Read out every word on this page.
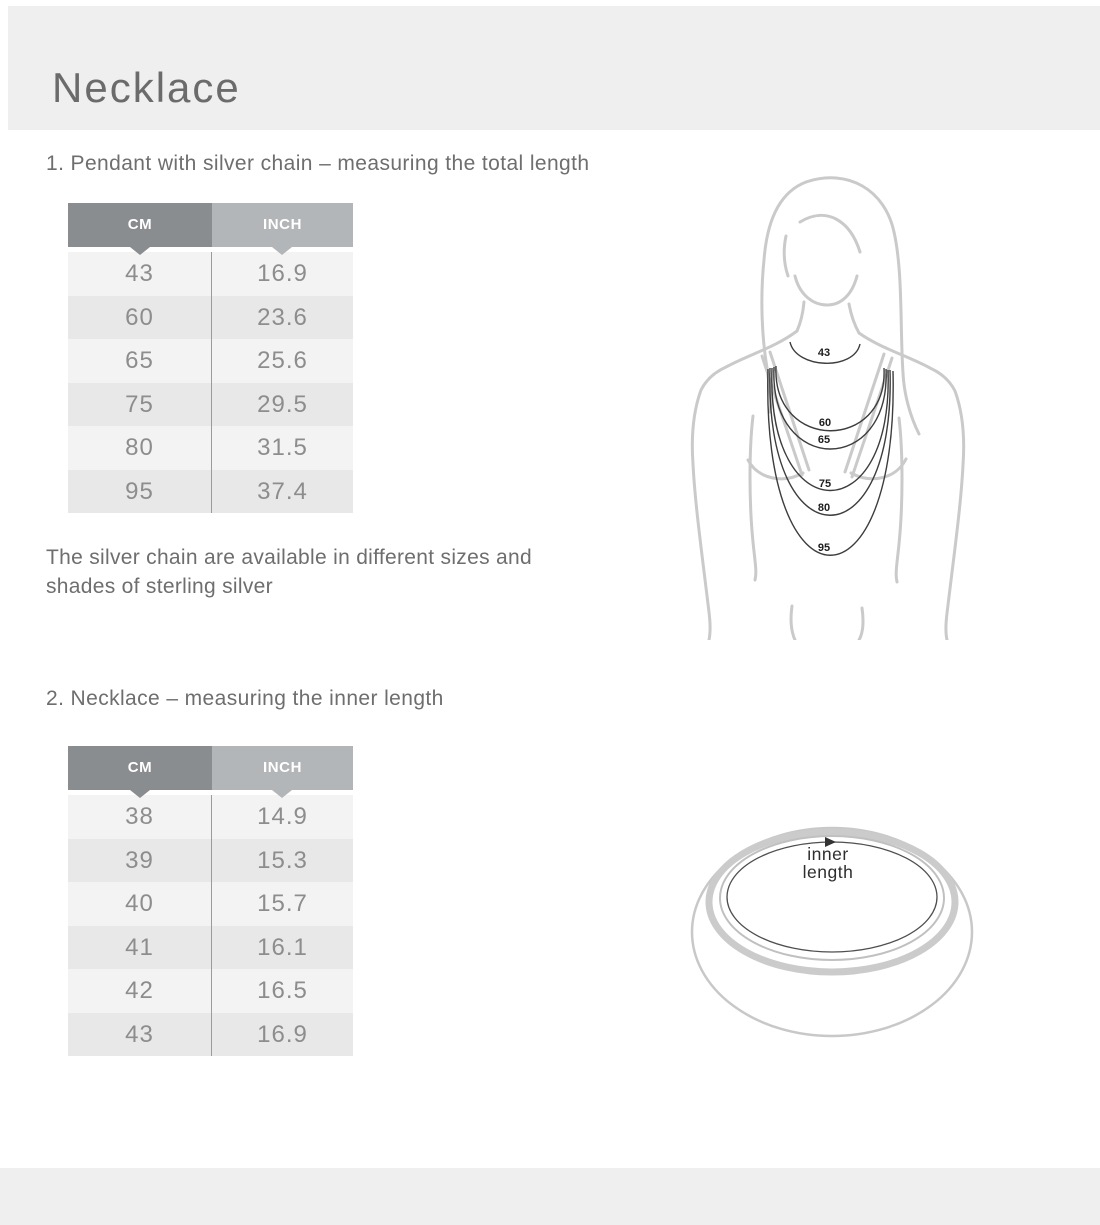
Necklace
1. Pendant with silver chain – measuring the total length
CM	INCH
43	16.9
60	23.6
65	25.6
75	29.5
80	31.5
95	37.4

The silver chain are available in different sizes and
shades of sterling silver

43
60
65
75
80
95
2. Necklace – measuring the inner length
CM	INCH
38	14.9
39	15.3
40	15.7
41	16.1
42	16.5
43	16.9
inner
length
